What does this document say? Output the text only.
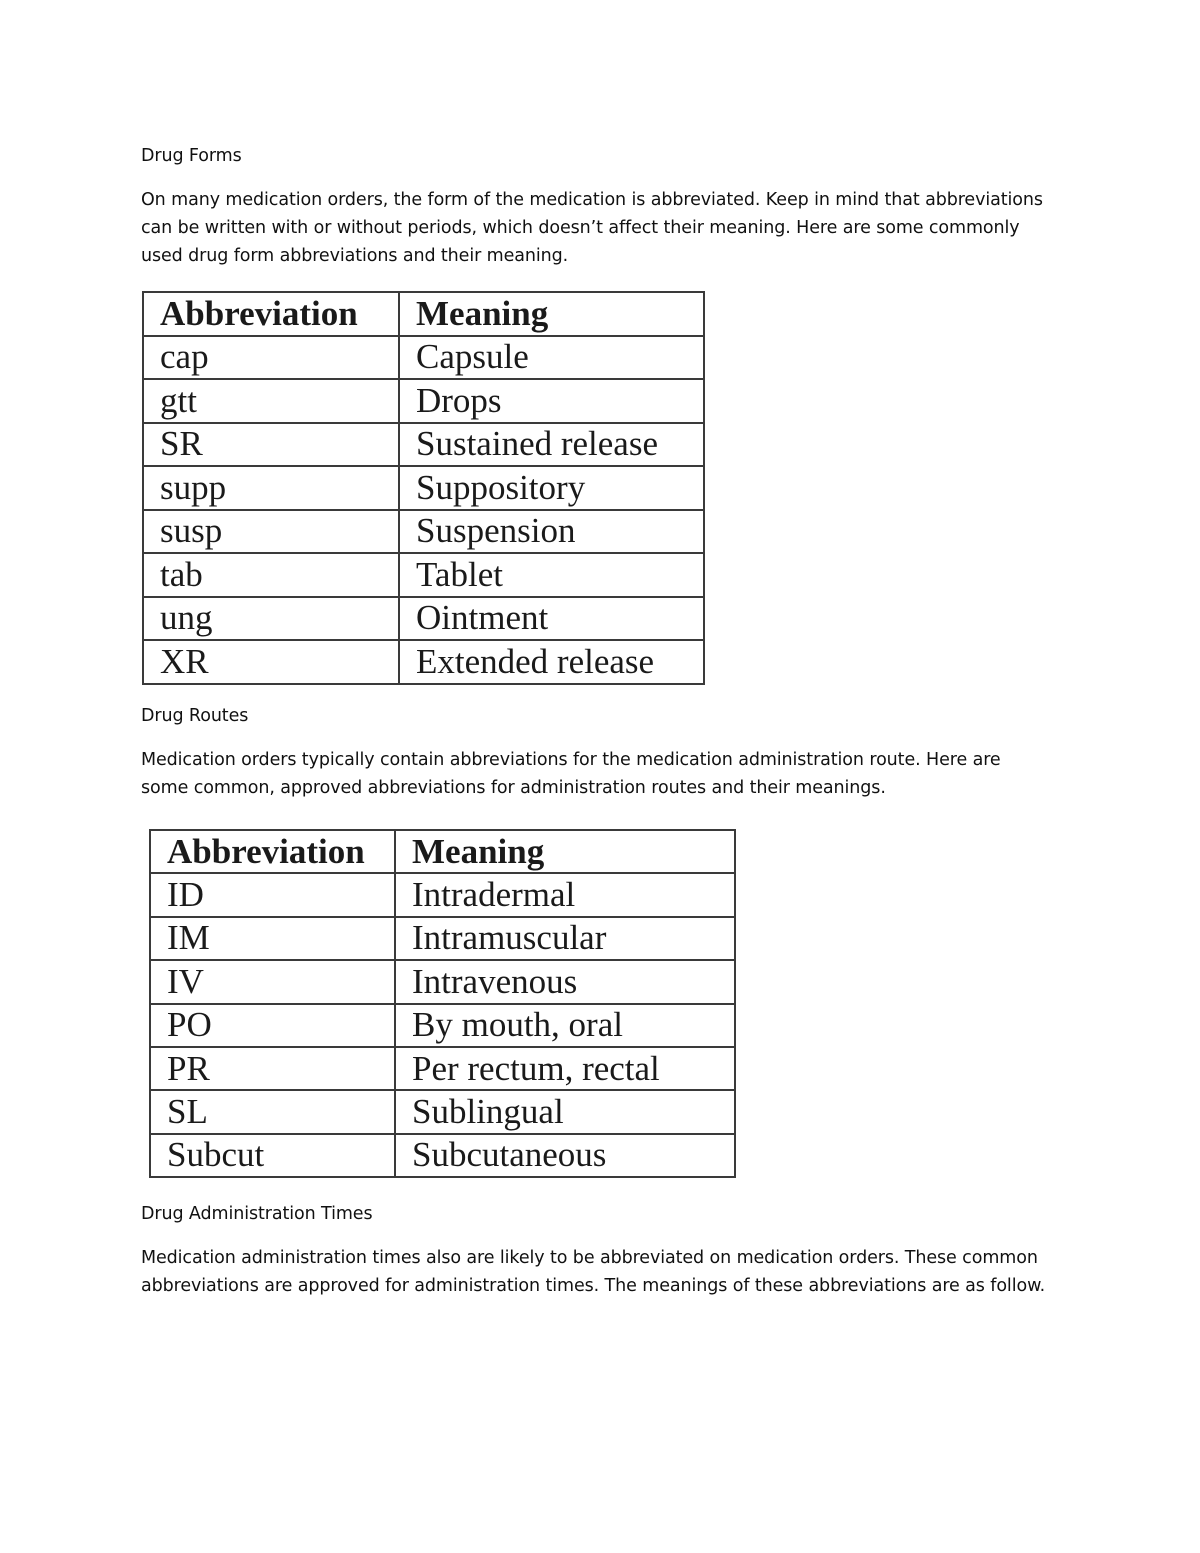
Drug Forms
On many medication orders, the form of the medication is abbreviated. Keep in mind that abbreviations
can be written with or without periods, which doesn’t affect their meaning. Here are some commonly
used drug form abbreviations and their meaning.
Abbreviation	Meaning
cap	Capsule
gtt	Drops
SR	Sustained release
supp	Suppository
susp	Suspension
tab	Tablet
ung	Ointment
XR	Extended release
Drug Routes
Medication orders typically contain abbreviations for the medication administration route. Here are
some common, approved abbreviations for administration routes and their meanings.
Abbreviation	Meaning
ID	Intradermal
IM	Intramuscular
IV	Intravenous
PO	By mouth, oral
PR	Per rectum, rectal
SL	Sublingual
Subcut	Subcutaneous
Drug Administration Times
Medication administration times also are likely to be abbreviated on medication orders. These common
abbreviations are approved for administration times. The meanings of these abbreviations are as follow.
